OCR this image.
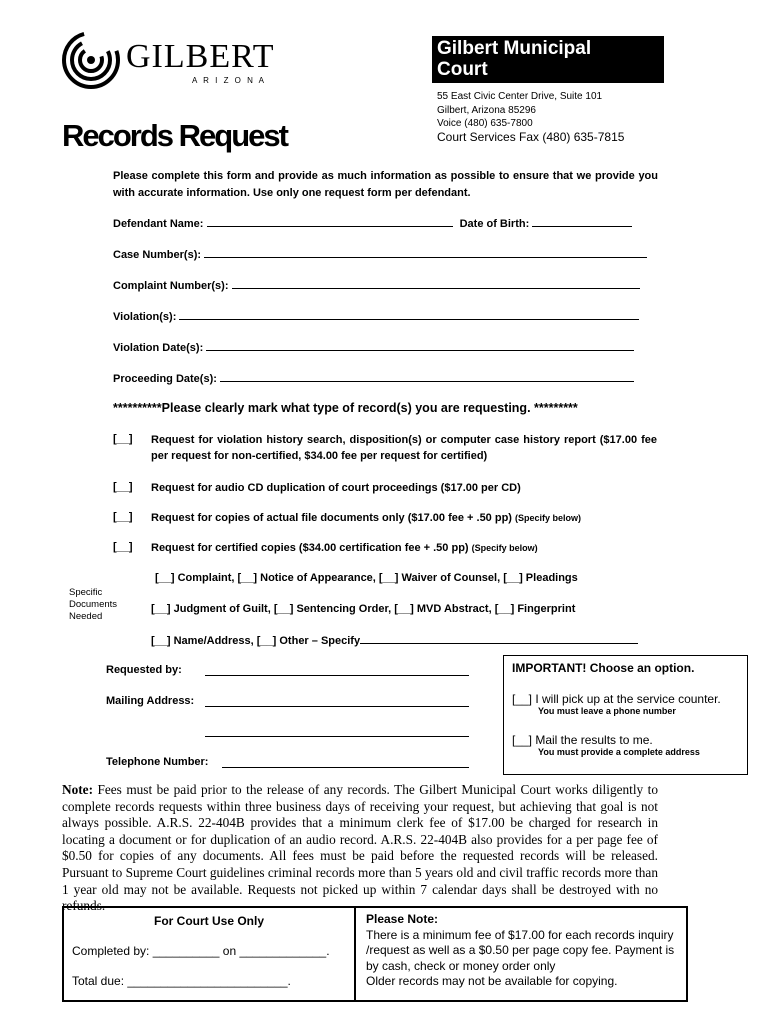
GILBERT
A R I Z O N A
Gilbert Municipal Court
55 East Civic Center Drive, Suite 101
Gilbert, Arizona 85296
Voice (480) 635-7800
Court Services Fax (480) 635-7815
Records Request
Please complete this form and provide as much information as possible to ensure that we provide you with accurate information. Use only one request form per defendant.
Defendant Name:	Date of Birth:
Case Number(s):
Complaint Number(s):
Violation(s):
Violation Date(s):
Proceeding Date(s):
**********Please clearly mark what type of record(s) you are requesting. *********
[__] Request for violation history search, disposition(s) or computer case history report ($17.00 fee per request for non-certified, $34.00 fee per request for certified)
[__] Request for audio CD duplication of court proceedings ($17.00 per CD)
[__] Request for copies of actual file documents only ($17.00 fee + .50 pp) (Specify below)
[__] Request for certified copies ($34.00 certification fee + .50 pp) (Specify below)
Specific
Documents
Needed
[__] Complaint, [__] Notice of Appearance, [__] Waiver of Counsel, [__] Pleadings
[__] Judgment of Guilt, [__] Sentencing Order, [__] MVD Abstract, [__] Fingerprint
[__] Name/Address, [__] Other – Specify
Requested by:
Mailing Address:
Telephone Number:
IMPORTANT! Choose an option.
[__] I will pick up at the service counter.
You must leave a phone number
[__] Mail the results to me.
You must provide a complete address
Note: Fees must be paid prior to the release of any records. The Gilbert Municipal Court works diligently to complete records requests within three business days of receiving your request, but achieving that goal is not always possible. A.R.S. 22-404B provides that a minimum clerk fee of $17.00 be charged for research in locating a document or for duplication of an audio record. A.R.S. 22-404B also provides for a per page fee of $0.50 for copies of any documents. All fees must be paid before the requested records will be released. Pursuant to Supreme Court guidelines criminal records more than 5 years old and civil traffic records more than 1 year old may not be available. Requests not picked up within 7 calendar days shall be destroyed with no refunds.
For Court Use Only
Completed by: __________ on _____________.
Total due: ________________________.
Please Note:
There is a minimum fee of $17.00 for each records inquiry /request as well as a $0.50 per page copy fee. Payment is by cash, check or money order only
Older records may not be available for copying.
